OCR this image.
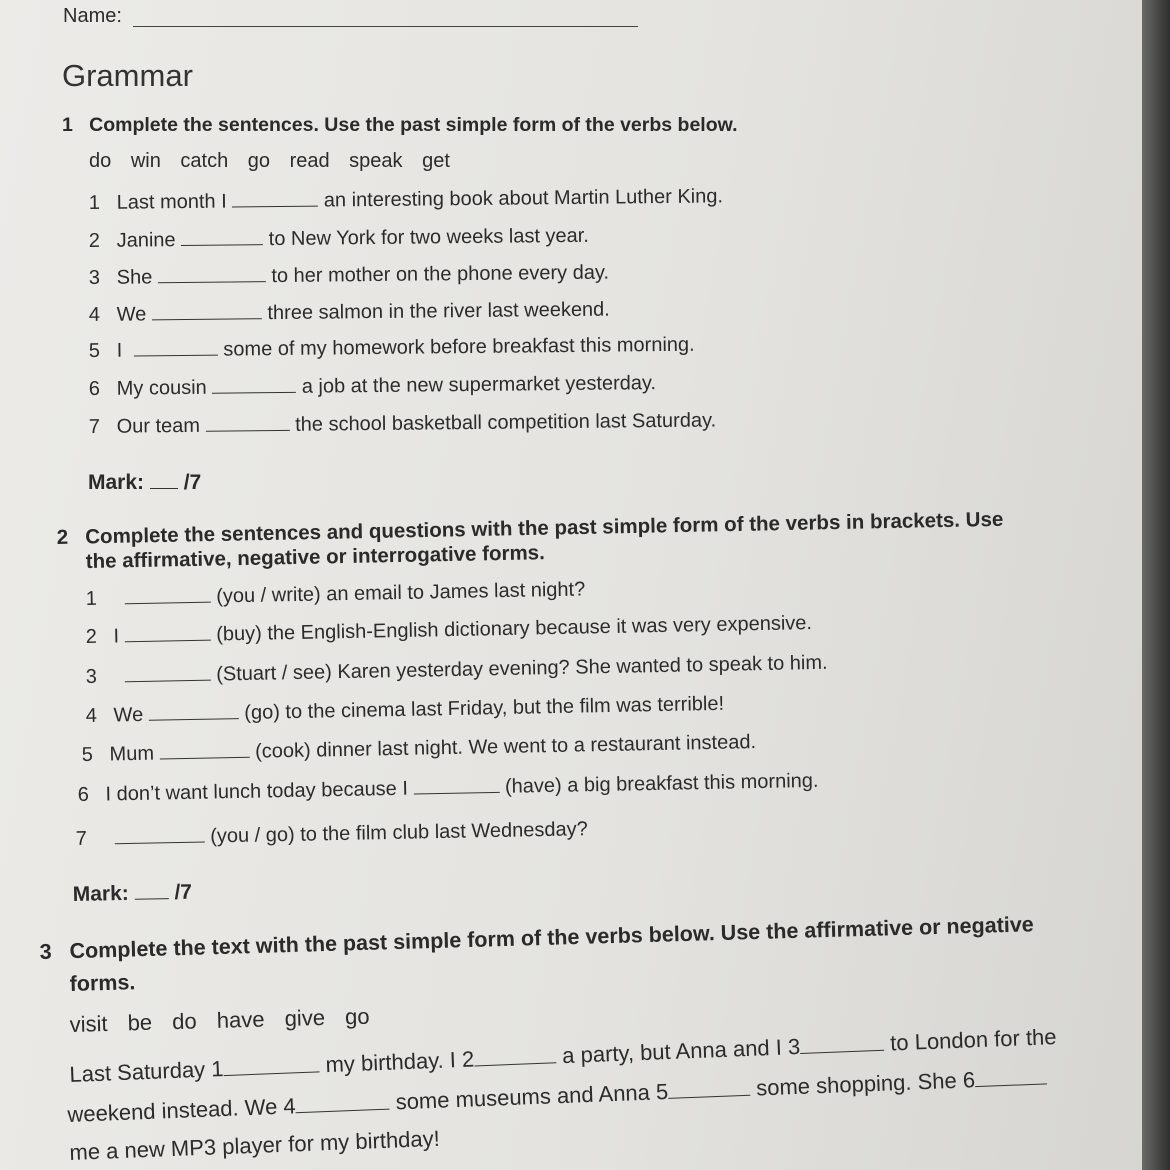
Name:
Grammar
1 Complete the sentences. Use the past simple form of the verbs below.
do win catch go read speak get
1 Last month I	an interesting book about Martin Luther King.
2 Janine	to New York for two weeks last year.
3 She	to her mother on the phone every day.
4 We	three salmon in the river last weekend.
5 I	some of my homework before breakfast this morning.
6 My cousin	a job at the new supermarket yesterday.
7 Our team	the school basketball competition last Saturday.
Mark: /7
2 Complete the sentences and questions with the past simple form of the verbs in brackets. Use
the affirmative, negative or interrogative forms.
1	(you / write) an email to James last night?
2 I	(buy) the English-English dictionary because it was very expensive.
3	(Stuart / see) Karen yesterday evening? She wanted to speak to him.
4 We	(go) to the cinema last Friday, but the film was terrible!
5 Mum	(cook) dinner last night. We went to a restaurant instead.
6 I don’t want lunch today because I	(have) a big breakfast this morning.
7	(you / go) to the film club last Wednesday?
Mark: /7
3 Complete the text with the past simple form of the verbs below. Use the affirmative or negative
forms.
visit be do have give go
Last Saturday 1	my birthday. I 2	a party, but Anna and I 3	to London for the
weekend instead. We 4	some museums and Anna 5	some shopping. She 6
me a new MP3 player for my birthday!
